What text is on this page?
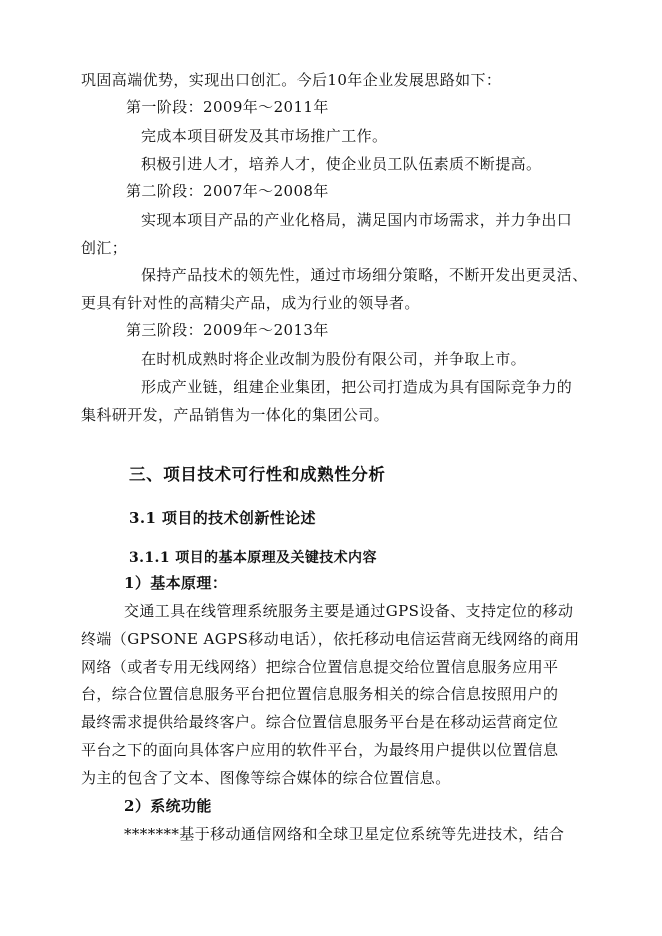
巩固高端优势，实现出口创汇。今后10年企业发展思路如下：

第一阶段：2009年～2011年

完成本项目研发及其市场推广工作。

积极引进人才，培养人才，使企业员工队伍素质不断提高。

第二阶段：2007年～2008年

实现本项目产品的产业化格局，满足国内市场需求，并力争出口

创汇；

保持产品技术的领先性，通过市场细分策略，不断开发出更灵活、

更具有针对性的高精尖产品，成为行业的领导者。

第三阶段：2009年～2013年

在时机成熟时将企业改制为股份有限公司，并争取上市。

形成产业链，组建企业集团，把公司打造成为具有国际竞争力的

集科研开发，产品销售为一体化的集团公司。

三、项目技术可行性和成熟性分析

3.1 项目的技术创新性论述

3.1.1 项目的基本原理及关键技术内容

1）基本原理：

交通工具在线管理系统服务主要是通过GPS设备、支持定位的移动

终端（GPSONE AGPS移动电话），依托移动电信运营商无线网络的商用

网络（或者专用无线网络）把综合位置信息提交给位置信息服务应用平

台，综合位置信息服务平台把位置信息服务相关的综合信息按照用户的

最终需求提供给最终客户。综合位置信息服务平台是在移动运营商定位

平台之下的面向具体客户应用的软件平台，为最终用户提供以位置信息

为主的包含了文本、图像等综合媒体的综合位置信息。

2）系统功能

*******基于移动通信网络和全球卫星定位系统等先进技术，结合
